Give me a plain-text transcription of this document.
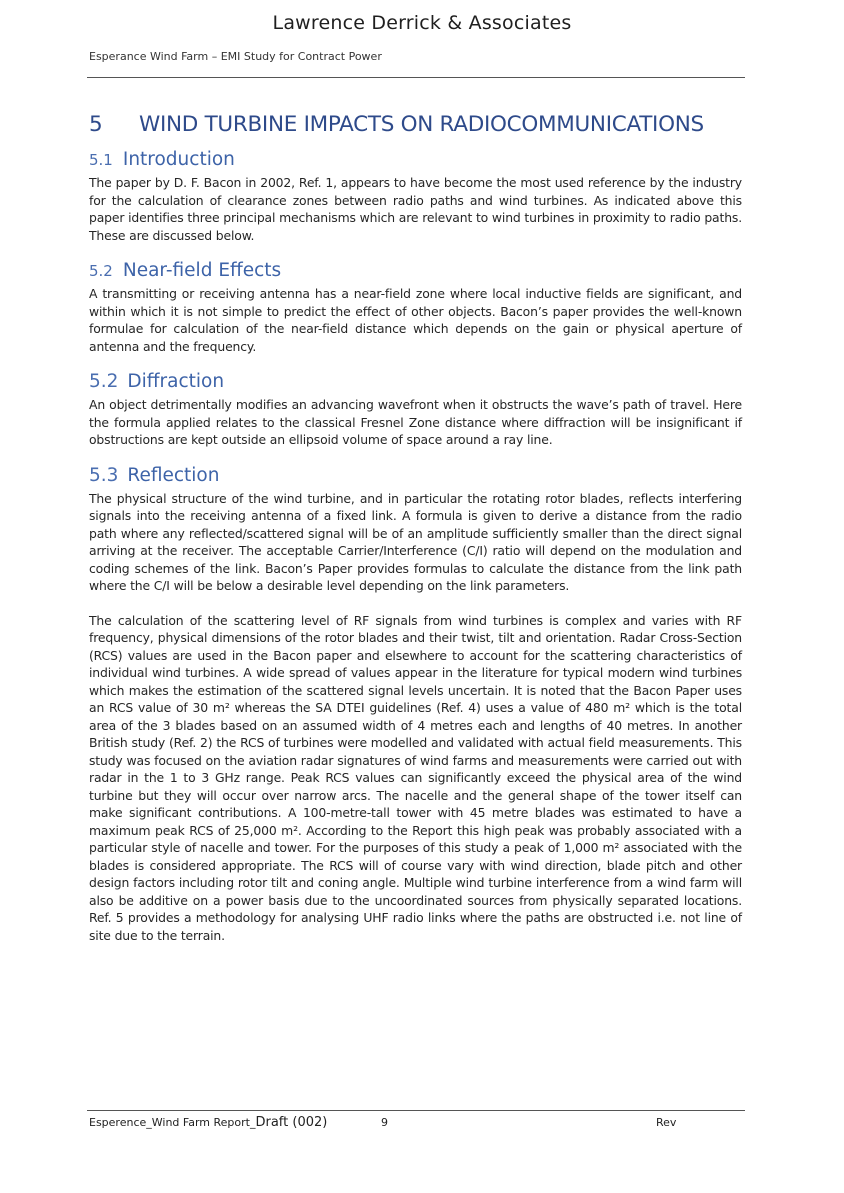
Lawrence Derrick & Associates
Esperance Wind Farm – EMI Study for Contract Power
5 WIND TURBINE IMPACTS ON RADIOCOMMUNICATIONS
5.1 Introduction

The paper by D. F. Bacon in 2002, Ref. 1, appears to have become the most used reference by the industry for the calculation of clearance zones between radio paths and wind turbines. As indicated above this paper identifies three principal mechanisms which are relevant to wind turbines in proximity to radio paths. These are discussed below.

5.2 Near-field Effects

A transmitting or receiving antenna has a near-field zone where local inductive fields are significant, and within which it is not simple to predict the effect of other objects. Bacon’s paper provides the well-known formulae for calculation of the near-field distance which depends on the gain or physical aperture of antenna and the frequency.

5.2 Diffraction

An object detrimentally modifies an advancing wavefront when it obstructs the wave’s path of travel. Here the formula applied relates to the classical Fresnel Zone distance where diffraction will be insignificant if obstructions are kept outside an ellipsoid volume of space around a ray line.

5.3 Reflection

The physical structure of the wind turbine, and in particular the rotating rotor blades, reflects interfering signals into the receiving antenna of a fixed link. A formula is given to derive a distance from the radio path where any reflected/scattered signal will be of an amplitude sufficiently smaller than the direct signal arriving at the receiver. The acceptable Carrier/Interference (C/I) ratio will depend on the modulation and coding schemes of the link. Bacon’s Paper provides formulas to calculate the distance from the link path where the C/I will be below a desirable level depending on the link parameters.

The calculation of the scattering level of RF signals from wind turbines is complex and varies with RF frequency, physical dimensions of the rotor blades and their twist, tilt and orientation. Radar Cross-Section (RCS) values are used in the Bacon paper and elsewhere to account for the scattering characteristics of individual wind turbines. A wide spread of values appear in the literature for typical modern wind turbines which makes the estimation of the scattered signal levels uncertain. It is noted that the Bacon Paper uses an RCS value of 30 m² whereas the SA DTEI guidelines (Ref. 4) uses a value of 480 m² which is the total area of the 3 blades based on an assumed width of 4 metres each and lengths of 40 metres. In another British study (Ref. 2) the RCS of turbines were modelled and validated with actual field measurements. This study was focused on the aviation radar signatures of wind farms and measurements were carried out with radar in the 1 to 3 GHz range. Peak RCS values can significantly exceed the physical area of the wind turbine but they will occur over narrow arcs. The nacelle and the general shape of the tower itself can make significant contributions. A 100-metre-tall tower with 45 metre blades was estimated to have a maximum peak RCS of 25,000 m². According to the Report this high peak was probably associated with a particular style of nacelle and tower. For the purposes of this study a peak of 1,000 m² associated with the blades is considered appropriate. The RCS will of course vary with wind direction, blade pitch and other design factors including rotor tilt and coning angle. Multiple wind turbine interference from a wind farm will also be additive on a power basis due to the uncoordinated sources from physically separated locations. Ref. 5 provides a methodology for analysing UHF radio links where the paths are obstructed i.e. not line of site due to the terrain.

Esperence_Wind Farm Report_Draft (002)	9	Rev
